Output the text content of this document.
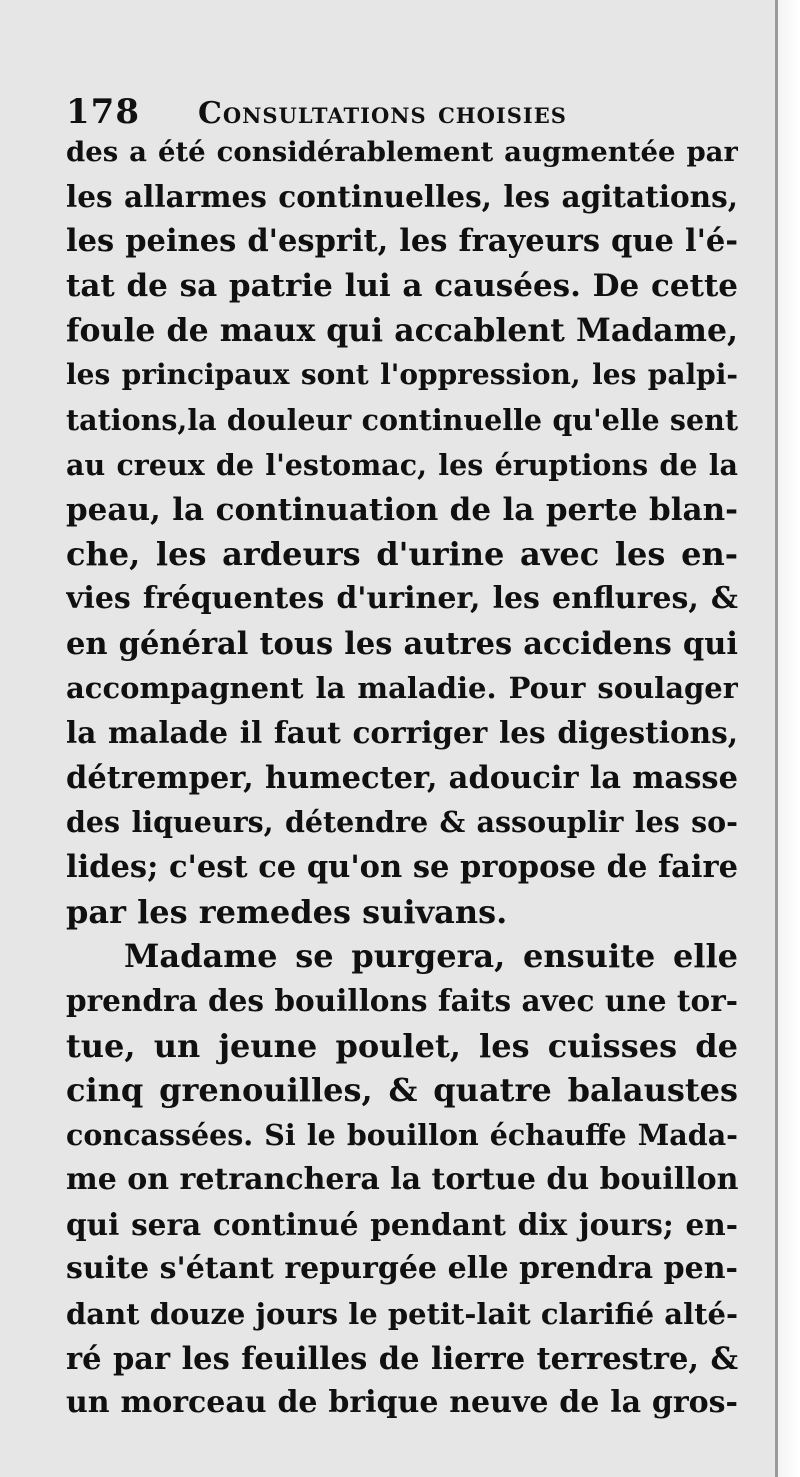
178 Consultations choisies
des a été considérablement augmentée par
les allarmes continuelles, les agitations,
les peines d'esprit, les frayeurs que l'é-
tat de sa patrie lui a causées. De cette
foule de maux qui accablent Madame,
les principaux sont l'oppression, les palpi-
tations,la douleur continuelle qu'elle sent
au creux de l'estomac, les éruptions de la
peau, la continuation de la perte blan-
che, les ardeurs d'urine avec les en-
vies fréquentes d'uriner, les enflures, &
en général tous les autres accidens qui
accompagnent la maladie. Pour soulager
la malade il faut corriger les digestions,
détremper, humecter, adoucir la masse
des liqueurs, détendre & assouplir les so-
lides; c'est ce qu'on se propose de faire
par les remedes suivans.
Madame se purgera, ensuite elle
prendra des bouillons faits avec une tor-
tue, un jeune poulet, les cuisses de
cinq grenouilles, & quatre balaustes
concassées. Si le bouillon échauffe Mada-
me on retranchera la tortue du bouillon
qui sera continué pendant dix jours; en-
suite s'étant repurgée elle prendra pen-
dant douze jours le petit-lait clarifié alté-
ré par les feuilles de lierre terrestre, &
un morceau de brique neuve de la gros-
